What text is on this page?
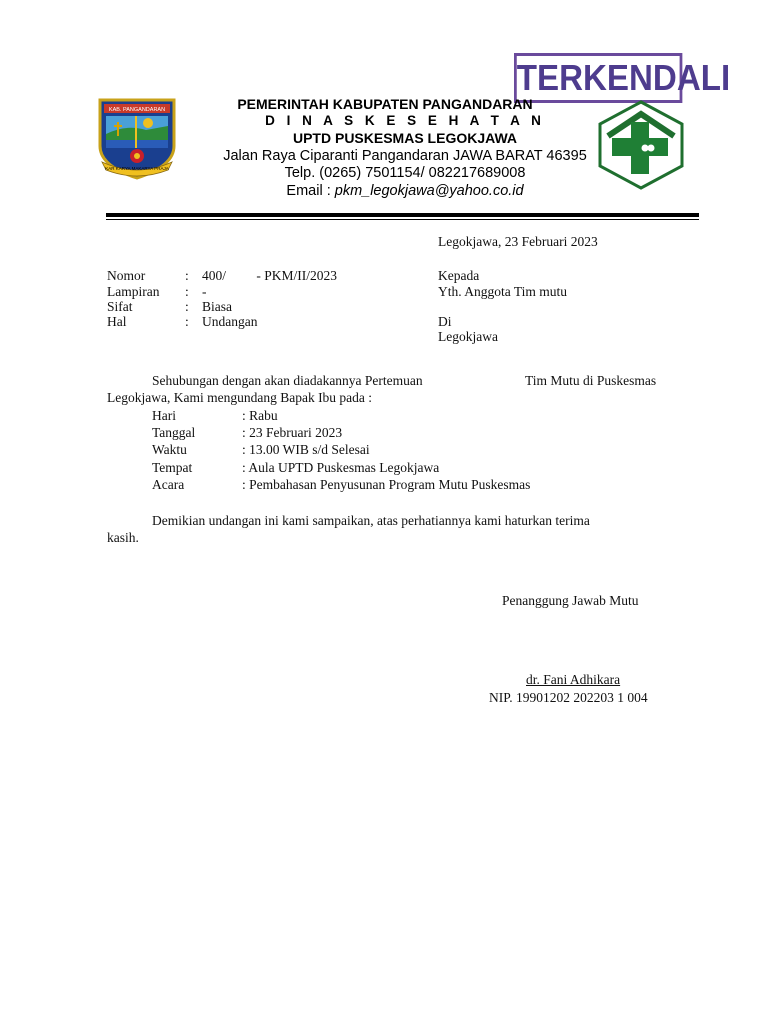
TERKENDALI
KAB. PANGANDARAN
KAR KARYA MAKARYA PRAJA
PEMERINTAH KABUPATEN PANGANDARAN
D I N A S K E S E H A T A N
UPTD PUSKESMAS LEGOKJAWA
Jalan Raya Ciparanti Pangandaran JAWA BARAT 46395
Telp. (0265) 7501154/ 082217689008
Email : pkm_legokjawa@yahoo.co.id
Legokjawa, 23 Februari 2023
Nomor	: 400/         - PKM/II/2023
Lampiran : -
Sifat	: Biasa
Hal	: Undangan
Kepada
Yth. Anggota Tim mutu
Di
Legokjawa
Sehubungan dengan akan diadakannya Pertemuan	Tim Mutu di Puskesmas
Legokjawa, Kami mengundang Bapak Ibu pada :
Hari	: Rabu
Tanggal	: 23 Februari 2023
Waktu	: 13.00 WIB s/d Selesai
Tempat	: Aula UPTD Puskesmas Legokjawa
Acara	: Pembahasan Penyusunan Program Mutu Puskesmas
Demikian undangan ini kami sampaikan, atas perhatiannya kami haturkan terima
kasih.
Penanggung Jawab Mutu
dr. Fani Adhikara
NIP. 19901202 202203 1 004
